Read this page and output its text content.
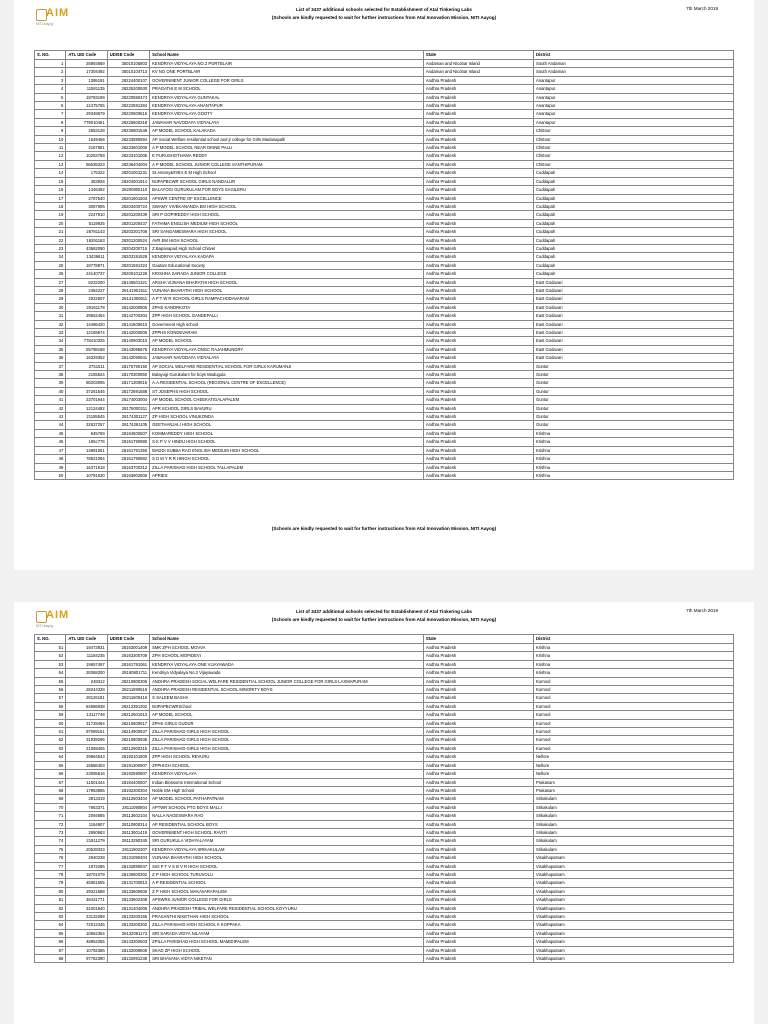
AIM
NITI Aayog
List of 3437 additional schools selected for Establishment of Atal Tinkering Labs
(Schools are kindly requested to wait for further instructions from Atal Innovation Mission, NITI Aayog)
7th March 2019
S. NO.	ATL UID Code	UDISE Code	School Name	State	District
1	26893669	35010105803	KENDRIYA VIDYALAYA NO.2 PORTBLAIR	Andaman and Nicobar Island	South Andaman
2	17304492	35010104713	KV NO ONE PORTBLAIR	Andaman and Nicobar Island	South Andaman
3	1395191	28224400107	GOVERNMENT JUNIOR COLLEGE FOR GIRLS	Andhra Pradesh	Anantapur
4	11581135	28225200930	PRAGATHI E M SCHOOL	Andhra Pradesh	Anantapur
5	18793199	28220590474	KENDRIYA VIDYALAYA GUNTAKAL	Andhra Pradesh	Anantapur
6	12475765	28222591384	KENDRIYA VIDYALAYA ANANTAPUR	Andhra Pradesh	Anantapur
7	29348679	28220600615	KENDRIYA VIDYALAYA GOOTY	Andhra Pradesh	Anantapur
8	779010461	28225600318	JAWAHAR NAVODAYA VIDYALAYA	Andhra Pradesh	Anantapur
9	2553128	28230801548	AP MODEL SCHOOL KALAKADA	Andhra Pradesh	Chittoor
10	1549456	28233590594	AP Social Welfare residential school and jr college for Girls Madanapalli	Andhra Pradesh	Chittoor
11	2167681	28233601006	A P MODEL SCHOOL NEAR DINNE PALLI	Andhra Pradesh	Chittoor
12	10253759	28233101005	E PURUSHOTHAMA REDDY	Andhra Pradesh	Chittoor
13	56535323	28236404004	A P MODEL SCHOOL JUNIOR COLLEGE SANTHIPURAM	Andhra Pradesh	Chittoor
14	175322	28201001231	St.Antony&#39;s E M High School	Andhra Pradesh	Cuddapah
15	363926	28204001914	MJPAPBCWR SCHOOL GIRLS NANDALUR	Andhra Pradesh	Cuddapah
16	1346482	28200805110	BALAYOGI GURUKULAM FOR BOYS SAGILERU	Andhra Pradesh	Cuddapah
17	2767540	28201901503	APSWR CENTRE OF EXCELLENCE	Andhra Pradesh	Cuddapah
18	3067906	28203400724	SWAMY VIVEKANANDA EM HIGH SCHOOL	Andhra Pradesh	Cuddapah
19	2247910	28201200439	SRI P GOPIREDDY HIGH SCHOOL	Andhra Pradesh	Cuddapah
20	5119935	28201200437	FATHIMA ENGLISH MEDIUM HIGH SCHOOL	Andhra Pradesh	Cuddapah
21	26781143	28202301708	SRI SANGAMESWARA HIGH SCHOOL	Andhra Pradesh	Cuddapah
22	16291163	28201200524	AVR EM HIGH SCHOOL	Andhra Pradesh	Cuddapah
23	43682090	28204200715	Z.Bapanapad High School Chitvel	Andhra Pradesh	Cuddapah
24	13436611	28203191529	KENDRIYA VIDYALAYA KADAPA	Andhra Pradesh	Cuddapah
25	18778971	28201591324	Gautam Educational Society	Andhra Pradesh	Cuddapah
26	24140737	28200101228	KRISHNA SARADA JUNIOR COLLEGE	Andhra Pradesh	Cuddapah
27	8232200	28145501321	ARSHA VIJNANA BHARATHI HIGH SCHOOL	Andhra Pradesh	East Godavari
28	2384227	28141901611	VIJNANA BHARATHI HIGH SCHOOL	Andhra Pradesh	East Godavari
29	2022507	28141300611	A P T W R SCHOOL GIRLS RAMPACHODAVARAM	Andhra Pradesh	East Godavari
30	29161178	28142000805	ZPHS KANDRKOTA	Andhra Pradesh	East Godavari
31	29552464	28142700304	ZPP HIGH SCHOOL GANDEPALLI	Andhra Pradesh	East Godavari
32	14496420	28141600610	Government High school	Andhra Pradesh	East Godavari
33	12169674	28142000805	ZPPHS KONDEVARAM	Andhra Pradesh	East Godavari
34	778410325	28140903010	AP MODEL SCHOOL	Andhra Pradesh	East Godavari
35	55798188	28143095675	KENDRIYA VIDYALAYA ONGC RAJAHMUNDRY	Andhra Pradesh	East Godavari
36	16329352	28142090641	JAWAHAR NAVODAYA VIDYALAYA	Andhra Pradesh	East Godavari
37	2751511	28175790150	AP SOCIAL WELFARE RESIDENTIAL SCHOOL FOR GIRLS KARUMANJI	Andhra Pradesh	Guntur
38	2165524	28170300850	Balayogi Gurukulam for boys Madugula	Andhra Pradesh	Guntur
39	86203095	28171300615	A.A.RESIDENTIAL SCHOOL (REGIONAL CENTRE OF EXCELLENCE)	Andhra Pradesh	Guntur
40	37261545	28172691588	ST JOSEPHS HIGH SCHOOL	Andhra Pradesh	Guntur
41	23701944	28174003004	AP MODEL SCHOOL CHEEKATIGALAPALEM	Andhra Pradesh	Guntur
42	12124482	28175000211	APR SCHOOL GIRLS BAVURU	Andhra Pradesh	Guntur
43	21185545	28174301127	ZP HIGH SCHOOL VINUKONDA	Andhra Pradesh	Guntur
44	32637257	28174391105	GEETHANJALI HIGH SCHOOL	Andhra Pradesh	Guntur
45	645769	28164500607	KOMMAREDDY HIGH SCHOOL	Andhra Pradesh	Krishna
46	185c776	28161790980	S K P V V HINDU HIGH SCHOOL	Andhra Pradesh	Krishna
47	14891061	28161791356	MADDI SUBBA RAO ENGLISH MEDIUM HIGH SCHOOL	Andhra Pradesh	Krishna
48	78521094	28161790882	S D M Y R R HINGH SCHOOL	Andhra Pradesh	Krishna
49	16371618	28163700312	ZILLA PARISHAD HIGH SCHOOL TALLAPALEM	Andhra Pradesh	Krishna
50	10791630	28163902606	APRIES	Andhra Pradesh	Krishna
(Schools are kindly requested to wait for further instructions from Atal Innovation Mission, NITI Aayog)
AIM
NITI Aayog
List of 3437 additional schools selected for Establishment of Atal Tinkering Labs
(Schools are kindly requested to wait for further instructions from Atal Innovation Mission, NITI Aayog)
7th March 2019
S. NO.	ATL UID Code	UDISE Code	School Name	State	District
51	19473931	28163001409	SMK ZPH SCHOOL MOVVA	Andhra Pradesh	Krishna
52	11184235	28163300709	ZPH SCHOOL MOPIDEVI	Andhra Pradesh	Krishna
53	19657497	28161791061	KENDRIYA VIDYALAYA ONE VIJAYAWADA	Andhra Pradesh	Krishna
54	28368300	28160801711	Kendriya Vidyalaya No.2 Vijayawada	Andhra Pradesh	Krishna
55	248312	28210900306	ANDHRA PRADESH SOCIAL WELFARE RESIDENTIAL SCHOOL JUNIOR COLLEGE FOR GIRLS LAXMAPURAM	Andhra Pradesh	Kurnool
56	28244328	28211890519	ANDHRA PRADESH RESIDENTIAL SCHOOL MINORITY BOYS	Andhra Pradesh	Kurnool
57	28126181	28211600416	S SALEEM BASHA	Andhra Pradesh	Kurnool
58	84686938	28212391302	MJPAPBCWRSchool	Andhra Pradesh	Kurnool
59	13117748	28212601913	AP MODEL SCHOOL	Andhra Pradesh	Kurnool
60	31728464	28210600617	ZPHS GIRLS GUDUR	Andhra Pradesh	Kurnool
61	97089151	28214900637	ZILLA PARISHAD GIRLS HIGH SCHOOL	Andhra Pradesh	Kurnool
62	31939296	28210800936	ZILLA PARISHAD GIRLS HIGH SCHOOL	Andhra Pradesh	Kurnool
63	21069405	28212900315	ZILLA PARISHAD GIRLS HIGH SCHOOL	Andhra Pradesh	Kurnool
64	29964543	28192101900	ZPP HIGH SCHOOL REVURU	Andhra Pradesh	Nellore
65	15686403	28191300907	ZPPHIGH SCHOOL	Andhra Pradesh	Nellore
66	23085616	28192590807	KENDRIYA VIDYALAYA	Andhra Pradesh	Nellore
67	11501444	28184400607	Indian Blossoms International School	Andhra Pradesh	Prakasam
68	17963865	28182300304	Noble EM High School	Andhra Pradesh	Prakasam
69	3913319	28112503404	AP MODEL SCHOOL PATHAPATNAM	Andhra Pradesh	Srikakulam
70	7863371	28111090804	APTWR SCHOOL PTG BOYS MALLI	Andhra Pradesh	Srikakulam
71	2094685	28113602104	NALLA NAGESWARA RAO	Andhra Pradesh	Srikakulam
72	1164907	28110800314	AP RESIDENTIAL SCHOOL BOYS	Andhra Pradesh	Srikakulam
73	2950963	28113601419	GOVERNMENT HIGH SCHOOL RAVITI	Andhra Pradesh	Srikakulam
74	21911279	28113290345	SRI GURUKULA VIDHYALAYAM	Andhra Pradesh	Srikakulam
75	20528333	28111902307	KENDRIYA VIDYALAYA SRIKAKULAM	Andhra Pradesh	Srikakulam
76	2940238	28131090404	VIJNANA BHARATHI HIGH SCHOOL	Andhra Pradesh	Visakhapatnam
77	1872286	28132890947	Smt P T V S B V R HIGH SCHOOL	Andhra Pradesh	Visakhapatnam
78	18701079	28130800302	Z P HIGH SCHOOL TURUVOLU	Andhra Pradesh	Visakhapatnam
79	45051555	28131700813	A P RESIDENTIAL SCHOOL	Andhra Pradesh	Visakhapatnam
80	29321688	28133605606	Z P HIGH SCHOOL MAKAVARAPALEM	Andhra Pradesh	Visakhapatnam
81	48431771	28133602308	APSWRS JUNIOR COLLEGE FOR GIRLS	Andhra Pradesh	Visakhapatnam
82	31001840	28131404005	ANDHRA PRADESH TRIBAL WELFARE RESIDENTIAL SCHOOL KOYYURU	Andhra Pradesh	Visakhapatnam
83	23132288	28133200155	PRASANTHI NIKETHAN HIGH SCHOOL	Andhra Pradesh	Visakhapatnam
84	72012346	28133300302	ZILLA PARISHAD HIGH SCHOOL K KOPPAKA	Andhra Pradesh	Visakhapatnam
85	10652354	28132091173	SRI SARADA VIDYA NILAYAM	Andhra Pradesh	Visakhapatnam
86	48852355	28133300603	ZPILLA PARISHAD HIGH SCHOOL MAMIDIPALEM	Andhra Pradesh	Visakhapatnam
87	10792366	28132009505	SKAD ZP HIGH SCHOOL	Andhra Pradesh	Visakhapatnam
88	97762390	28132991238	SRI BHAVANA VIDYA NIKETAN	Andhra Pradesh	Visakhapatnam
